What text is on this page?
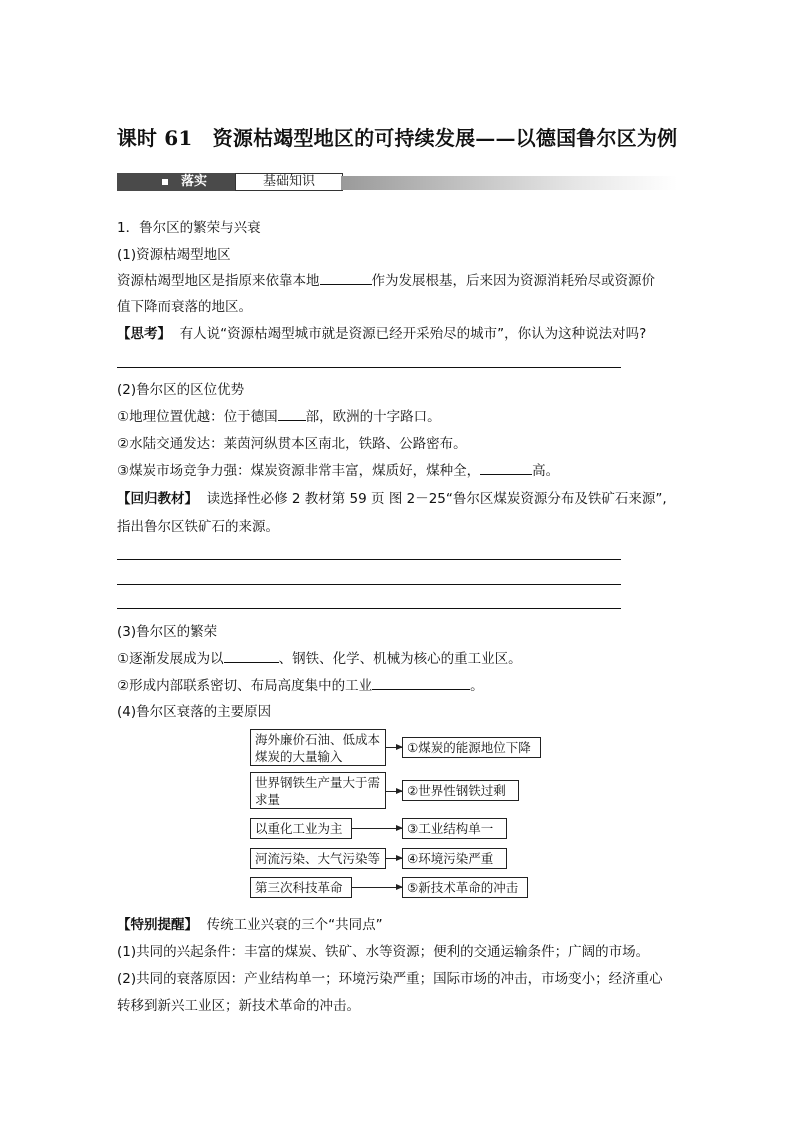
课时 61　资源枯竭型地区的可持续发展——以德国鲁尔区为例
落实	基础知识
1．鲁尔区的繁荣与兴衰
(1)资源枯竭型地区
资源枯竭型地区是指原来依靠本地	作为发展根基，后来因为资源消耗殆尽或资源价
值下降而衰落的地区。
【思考】 有人说“资源枯竭型城市就是资源已经开采殆尽的城市”，你认为这种说法对吗?
(2)鲁尔区的区位优势
①地理位置优越：位于德国 部，欧洲的十字路口。
②水陆交通发达：莱茵河纵贯本区南北，铁路、公路密布。
③煤炭市场竞争力强：煤炭资源非常丰富，煤质好，煤种全，	高。
【回归教材】 读选择性必修 2 教材第 59 页 图 2－25“鲁尔区煤炭资源分布及铁矿石来源”,
指出鲁尔区铁矿石的来源。
(3)鲁尔区的繁荣
①逐渐发展成为以	、钢铁、化学、机械为核心的重工业区。
②形成内部联系密切、布局高度集中的工业	。
(4)鲁尔区衰落的主要原因
海外廉价石油、低成本煤炭的大量输入
①煤炭的能源地位下降
世界钢铁生产量大于需求量
②世界性钢铁过剩
以重化工业为主	③工业结构单一
河流污染、大气污染等	④环境污染严重
第三次科技革命	⑤新技术革命的冲击
【特别提醒】 传统工业兴衰的三个“共同点”
(1)共同的兴起条件：丰富的煤炭、铁矿、水等资源；便利的交通运输条件；广阔的市场。
(2)共同的衰落原因：产业结构单一；环境污染严重；国际市场的冲击，市场变小；经济重心
转移到新兴工业区；新技术革命的冲击。
